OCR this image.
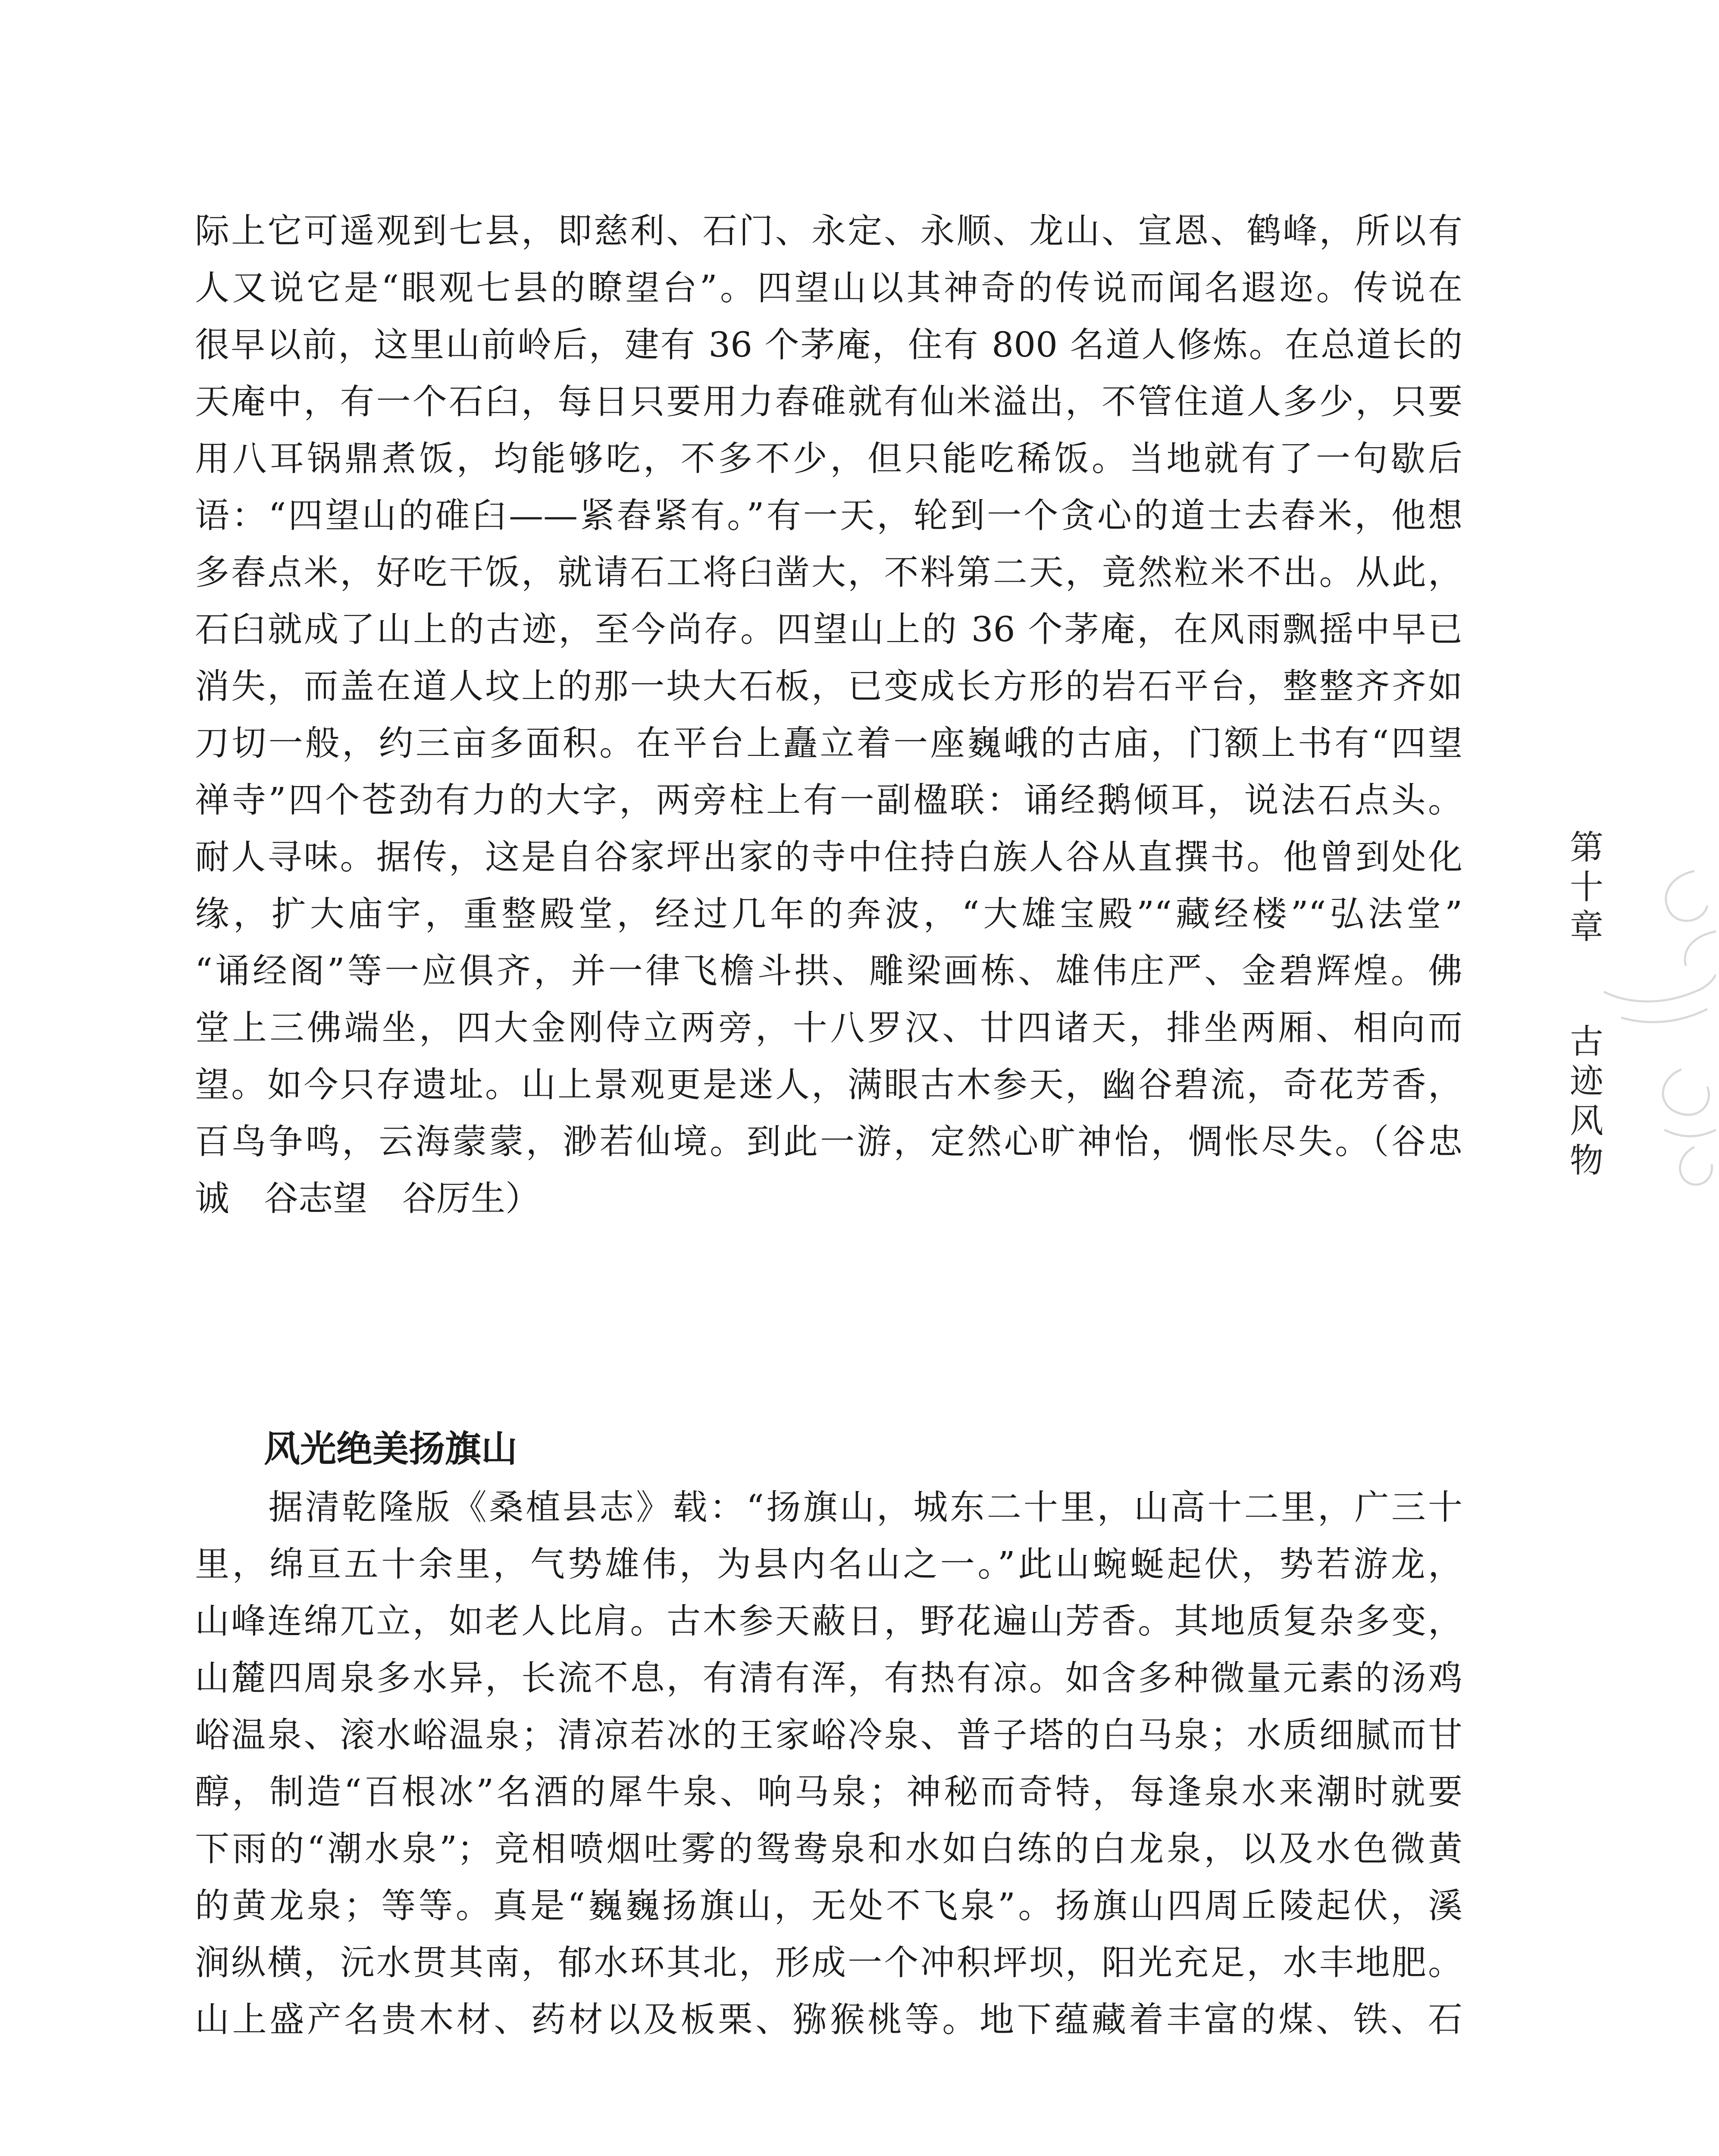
际上它可遥观到七县，即慈利、石门、永定、永顺、龙山、宣恩、鹤峰，所以有
人又说它是“眼观七县的瞭望台”。四望山以其神奇的传说而闻名遐迩。传说在
很早以前，这里山前岭后，建有 36 个茅庵，住有 800 名道人修炼。在总道长的
天庵中，有一个石臼，每日只要用力舂碓就有仙米溢出，不管住道人多少，只要
用八耳锅鼎煮饭，均能够吃，不多不少，但只能吃稀饭。当地就有了一句歇后
语：“四望山的碓臼——紧舂紧有。”有一天，轮到一个贪心的道士去舂米，他想
多舂点米，好吃干饭，就请石工将臼凿大，不料第二天，竟然粒米不出。从此，
石臼就成了山上的古迹，至今尚存。四望山上的 36 个茅庵，在风雨飘摇中早已
消失，而盖在道人坟上的那一块大石板，已变成长方形的岩石平台，整整齐齐如
刀切一般，约三亩多面积。在平台上矗立着一座巍峨的古庙，门额上书有“四望
禅寺”四个苍劲有力的大字，两旁柱上有一副楹联：诵经鹅倾耳，说法石点头。
耐人寻味。据传，这是自谷家坪出家的寺中住持白族人谷从直撰书。他曾到处化
缘，扩大庙宇，重整殿堂，经过几年的奔波，“大雄宝殿”“藏经楼”“弘法堂”
“诵经阁”等一应俱齐，并一律飞檐斗拱、雕梁画栋、雄伟庄严、金碧辉煌。佛
堂上三佛端坐，四大金刚侍立两旁，十八罗汉、廿四诸天，排坐两厢、相向而
望。如今只存遗址。山上景观更是迷人，满眼古木参天，幽谷碧流，奇花芳香，
百鸟争鸣，云海蒙蒙，渺若仙境。到此一游，定然心旷神怡，惆怅尽失。（谷忠
诚　谷志望　谷厉生）
风光绝美扬旗山
　　据清乾隆版《桑植县志》载：“扬旗山，城东二十里，山高十二里，广三十
里，绵亘五十余里，气势雄伟，为县内名山之一。”此山蜿蜒起伏，势若游龙，
山峰连绵兀立，如老人比肩。古木参天蔽日，野花遍山芳香。其地质复杂多变，
山麓四周泉多水异，长流不息，有清有浑，有热有凉。如含多种微量元素的汤鸡
峪温泉、滚水峪温泉；清凉若冰的王家峪冷泉、普子塔的白马泉；水质细腻而甘
醇，制造“百根冰”名酒的犀牛泉、响马泉；神秘而奇特，每逢泉水来潮时就要
下雨的“潮水泉”；竞相喷烟吐雾的鸳鸯泉和水如白练的白龙泉，以及水色微黄
的黄龙泉；等等。真是“巍巍扬旗山，无处不飞泉”。扬旗山四周丘陵起伏，溪
涧纵横，沅水贯其南，郁水环其北，形成一个冲积坪坝，阳光充足，水丰地肥。
山上盛产名贵木材、药材以及板栗、猕猴桃等。地下蕴藏着丰富的煤、铁、石
第十章
古迹风物
